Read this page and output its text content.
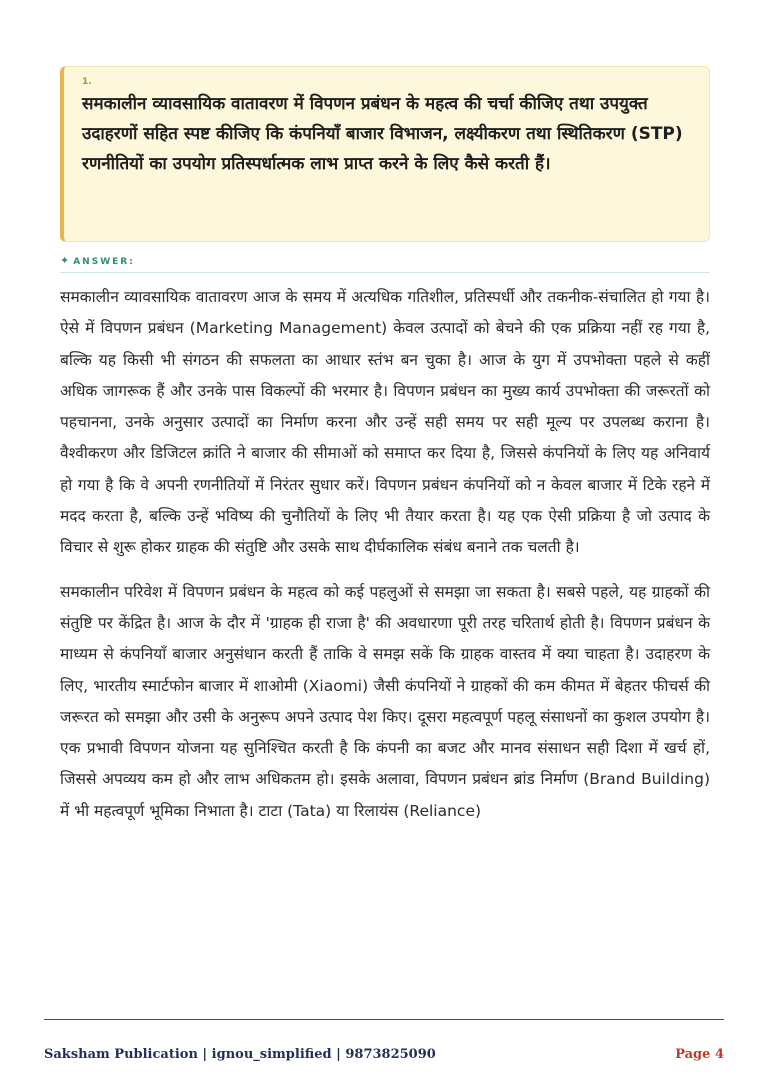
1.

समकालीन व्यावसायिक वातावरण में विपणन प्रबंधन के महत्व की चर्चा कीजिए तथा उपयुक्त उदाहरणों सहित स्पष्ट कीजिए कि कंपनियाँ बाजार विभाजन, लक्ष्यीकरण तथा स्थितिकरण (STP) रणनीतियों का उपयोग प्रतिस्पर्धात्मक लाभ प्राप्त करने के लिए कैसे करती हैं।

✦ ANSWER:

समकालीन व्यावसायिक वातावरण आज के समय में अत्यधिक गतिशील, प्रतिस्पर्धी और तकनीक-संचालित हो गया है। ऐसे में विपणन प्रबंधन (Marketing Management) केवल उत्पादों को बेचने की एक प्रक्रिया नहीं रह गया है, बल्कि यह किसी भी संगठन की सफलता का आधार स्तंभ बन चुका है। आज के युग में उपभोक्ता पहले से कहीं अधिक जागरूक हैं और उनके पास विकल्पों की भरमार है। विपणन प्रबंधन का मुख्य कार्य उपभोक्ता की जरूरतों को पहचानना, उनके अनुसार उत्पादों का निर्माण करना और उन्हें सही समय पर सही मूल्य पर उपलब्ध कराना है। वैश्वीकरण और डिजिटल क्रांति ने बाजार की सीमाओं को समाप्त कर दिया है, जिससे कंपनियों के लिए यह अनिवार्य हो गया है कि वे अपनी रणनीतियों में निरंतर सुधार करें। विपणन प्रबंधन कंपनियों को न केवल बाजार में टिके रहने में मदद करता है, बल्कि उन्हें भविष्य की चुनौतियों के लिए भी तैयार करता है। यह एक ऐसी प्रक्रिया है जो उत्पाद के विचार से शुरू होकर ग्राहक की संतुष्टि और उसके साथ दीर्घकालिक संबंध बनाने तक चलती है।

समकालीन परिवेश में विपणन प्रबंधन के महत्व को कई पहलुओं से समझा जा सकता है। सबसे पहले, यह ग्राहकों की संतुष्टि पर केंद्रित है। आज के दौर में 'ग्राहक ही राजा है' की अवधारणा पूरी तरह चरितार्थ होती है। विपणन प्रबंधन के माध्यम से कंपनियाँ बाजार अनुसंधान करती हैं ताकि वे समझ सकें कि ग्राहक वास्तव में क्या चाहता है। उदाहरण के लिए, भारतीय स्मार्टफोन बाजार में शाओमी (Xiaomi) जैसी कंपनियों ने ग्राहकों की कम कीमत में बेहतर फीचर्स की जरूरत को समझा और उसी के अनुरूप अपने उत्पाद पेश किए। दूसरा महत्वपूर्ण पहलू संसाधनों का कुशल उपयोग है। एक प्रभावी विपणन योजना यह सुनिश्चित करती है कि कंपनी का बजट और मानव संसाधन सही दिशा में खर्च हों, जिससे अपव्यय कम हो और लाभ अधिकतम हो। इसके अलावा, विपणन प्रबंधन ब्रांड निर्माण (Brand Building) में भी महत्वपूर्ण भूमिका निभाता है। टाटा (Tata) या रिलायंस (Reliance)

Saksham Publication | ignou_simplified | 9873825090	Page 4
